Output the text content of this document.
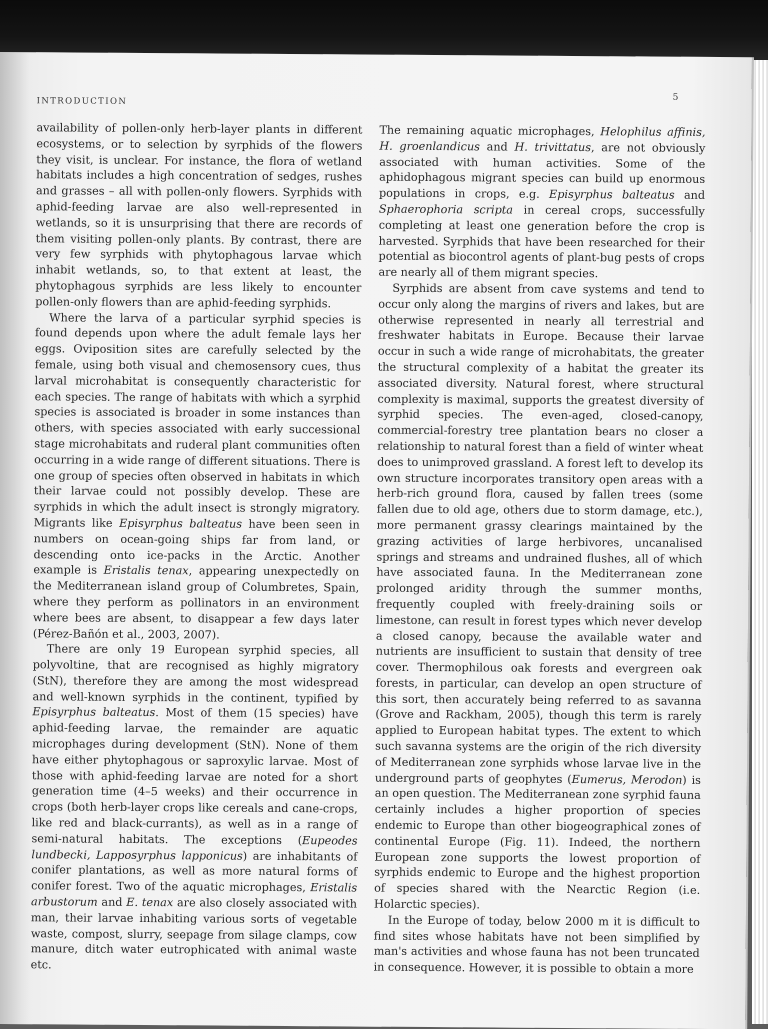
INTRODUCTION	5

availability of pollen-only herb-layer plants in different ecosystems, or to selection by syrphids of the flowers they visit, is unclear. For instance, the flora of wetland habitats includes a high concentration of sedges, rushes and grasses – all with pollen-only flowers. Syrphids with aphid-feeding larvae are also well-represented in wetlands, so it is unsurprising that there are records of them visiting pollen-only plants. By contrast, there are very few syrphids with phytophagous larvae which inhabit wetlands, so, to that extent at least, the phytophagous syrphids are less likely to encounter pollen-only flowers than are aphid-feeding syrphids.

Where the larva of a particular syrphid species is found depends upon where the adult female lays her eggs. Oviposition sites are carefully selected by the female, using both visual and chemosensory cues, thus larval microhabitat is consequently characteristic for each species. The range of habitats with which a syrphid species is associated is broader in some instances than others, with species associated with early successional stage microhabitats and ruderal plant communities often occurring in a wide range of different situations. There is one group of species often observed in habitats in which their larvae could not possibly develop. These are syrphids in which the adult insect is strongly migratory. Migrants like Episyrphus balteatus have been seen in numbers on ocean-going ships far from land, or descending onto ice-packs in the Arctic. Another example is Eristalis tenax, appearing unexpectedly on the Mediterranean island group of Columbretes, Spain, where they perform as pollinators in an environment where bees are absent, to disappear a few days later (Pérez-Bañón et al., 2003, 2007).

There are only 19 European syrphid species, all polyvoltine, that are recognised as highly migratory (StN), therefore they are among the most widespread and well-known syrphids in the continent, typified by Episyrphus balteatus. Most of them (15 species) have aphid-feeding larvae, the remainder are aquatic microphages during development (StN). None of them have either phytophagous or saproxylic larvae. Most of those with aphid-feeding larvae are noted for a short generation time (4–5 weeks) and their occurrence in crops (both herb-layer crops like cereals and cane-crops, like red and black-currants), as well as in a range of semi-natural habitats. The exceptions (Eupeodes lundbecki, Lapposyrphus lapponicus) are inhabitants of conifer plantations, as well as more natural forms of conifer forest. Two of the aquatic microphages, Eristalis arbustorum and E. tenax are also closely associated with man, their larvae inhabiting various sorts of vegetable waste, compost, slurry, seepage from silage clamps, cow manure, ditch water eutrophicated with animal waste etc.

The remaining aquatic microphages, Helophilus affinis, H. groenlandicus and H. trivittatus, are not obviously associated with human activities. Some of the aphidophagous migrant species can build up enormous populations in crops, e.g. Episyrphus balteatus and Sphaerophoria scripta in cereal crops, successfully completing at least one generation before the crop is harvested. Syrphids that have been researched for their potential as biocontrol agents of plant-bug pests of crops are nearly all of them migrant species.

Syrphids are absent from cave systems and tend to occur only along the margins of rivers and lakes, but are otherwise represented in nearly all terrestrial and freshwater habitats in Europe. Because their larvae occur in such a wide range of microhabitats, the greater the structural complexity of a habitat the greater its associated diversity. Natural forest, where structural complexity is maximal, supports the greatest diversity of syrphid species. The even-aged, closed-canopy, commercial-forestry tree plantation bears no closer a relationship to natural forest than a field of winter wheat does to unimproved grassland. A forest left to develop its own structure incorporates transitory open areas with a herb-rich ground flora, caused by fallen trees (some fallen due to old age, others due to storm damage, etc.), more permanent grassy clearings maintained by the grazing activities of large herbivores, uncanalised springs and streams and undrained flushes, all of which have associated fauna. In the Mediterranean zone prolonged aridity through the summer months, frequently coupled with freely-draining soils or limestone, can result in forest types which never develop a closed canopy, because the available water and nutrients are insufficient to sustain that density of tree cover. Thermophilous oak forests and evergreen oak forests, in particular, can develop an open structure of this sort, then accurately being referred to as savanna (Grove and Rackham, 2005), though this term is rarely applied to European habitat types. The extent to which such savanna systems are the origin of the rich diversity of Mediterranean zone syrphids whose larvae live in the underground parts of geophytes (Eumerus, Merodon) is an open question. The Mediterranean zone syrphid fauna certainly includes a higher proportion of species endemic to Europe than other biogeographical zones of continental Europe (Fig. 11). Indeed, the northern European zone supports the lowest proportion of syrphids endemic to Europe and the highest proportion of species shared with the Nearctic Region (i.e. Holarctic species).

In the Europe of today, below 2000 m it is difficult to find sites whose habitats have not been simplified by man's activities and whose fauna has not been truncated in consequence. However, it is possible to obtain a more
